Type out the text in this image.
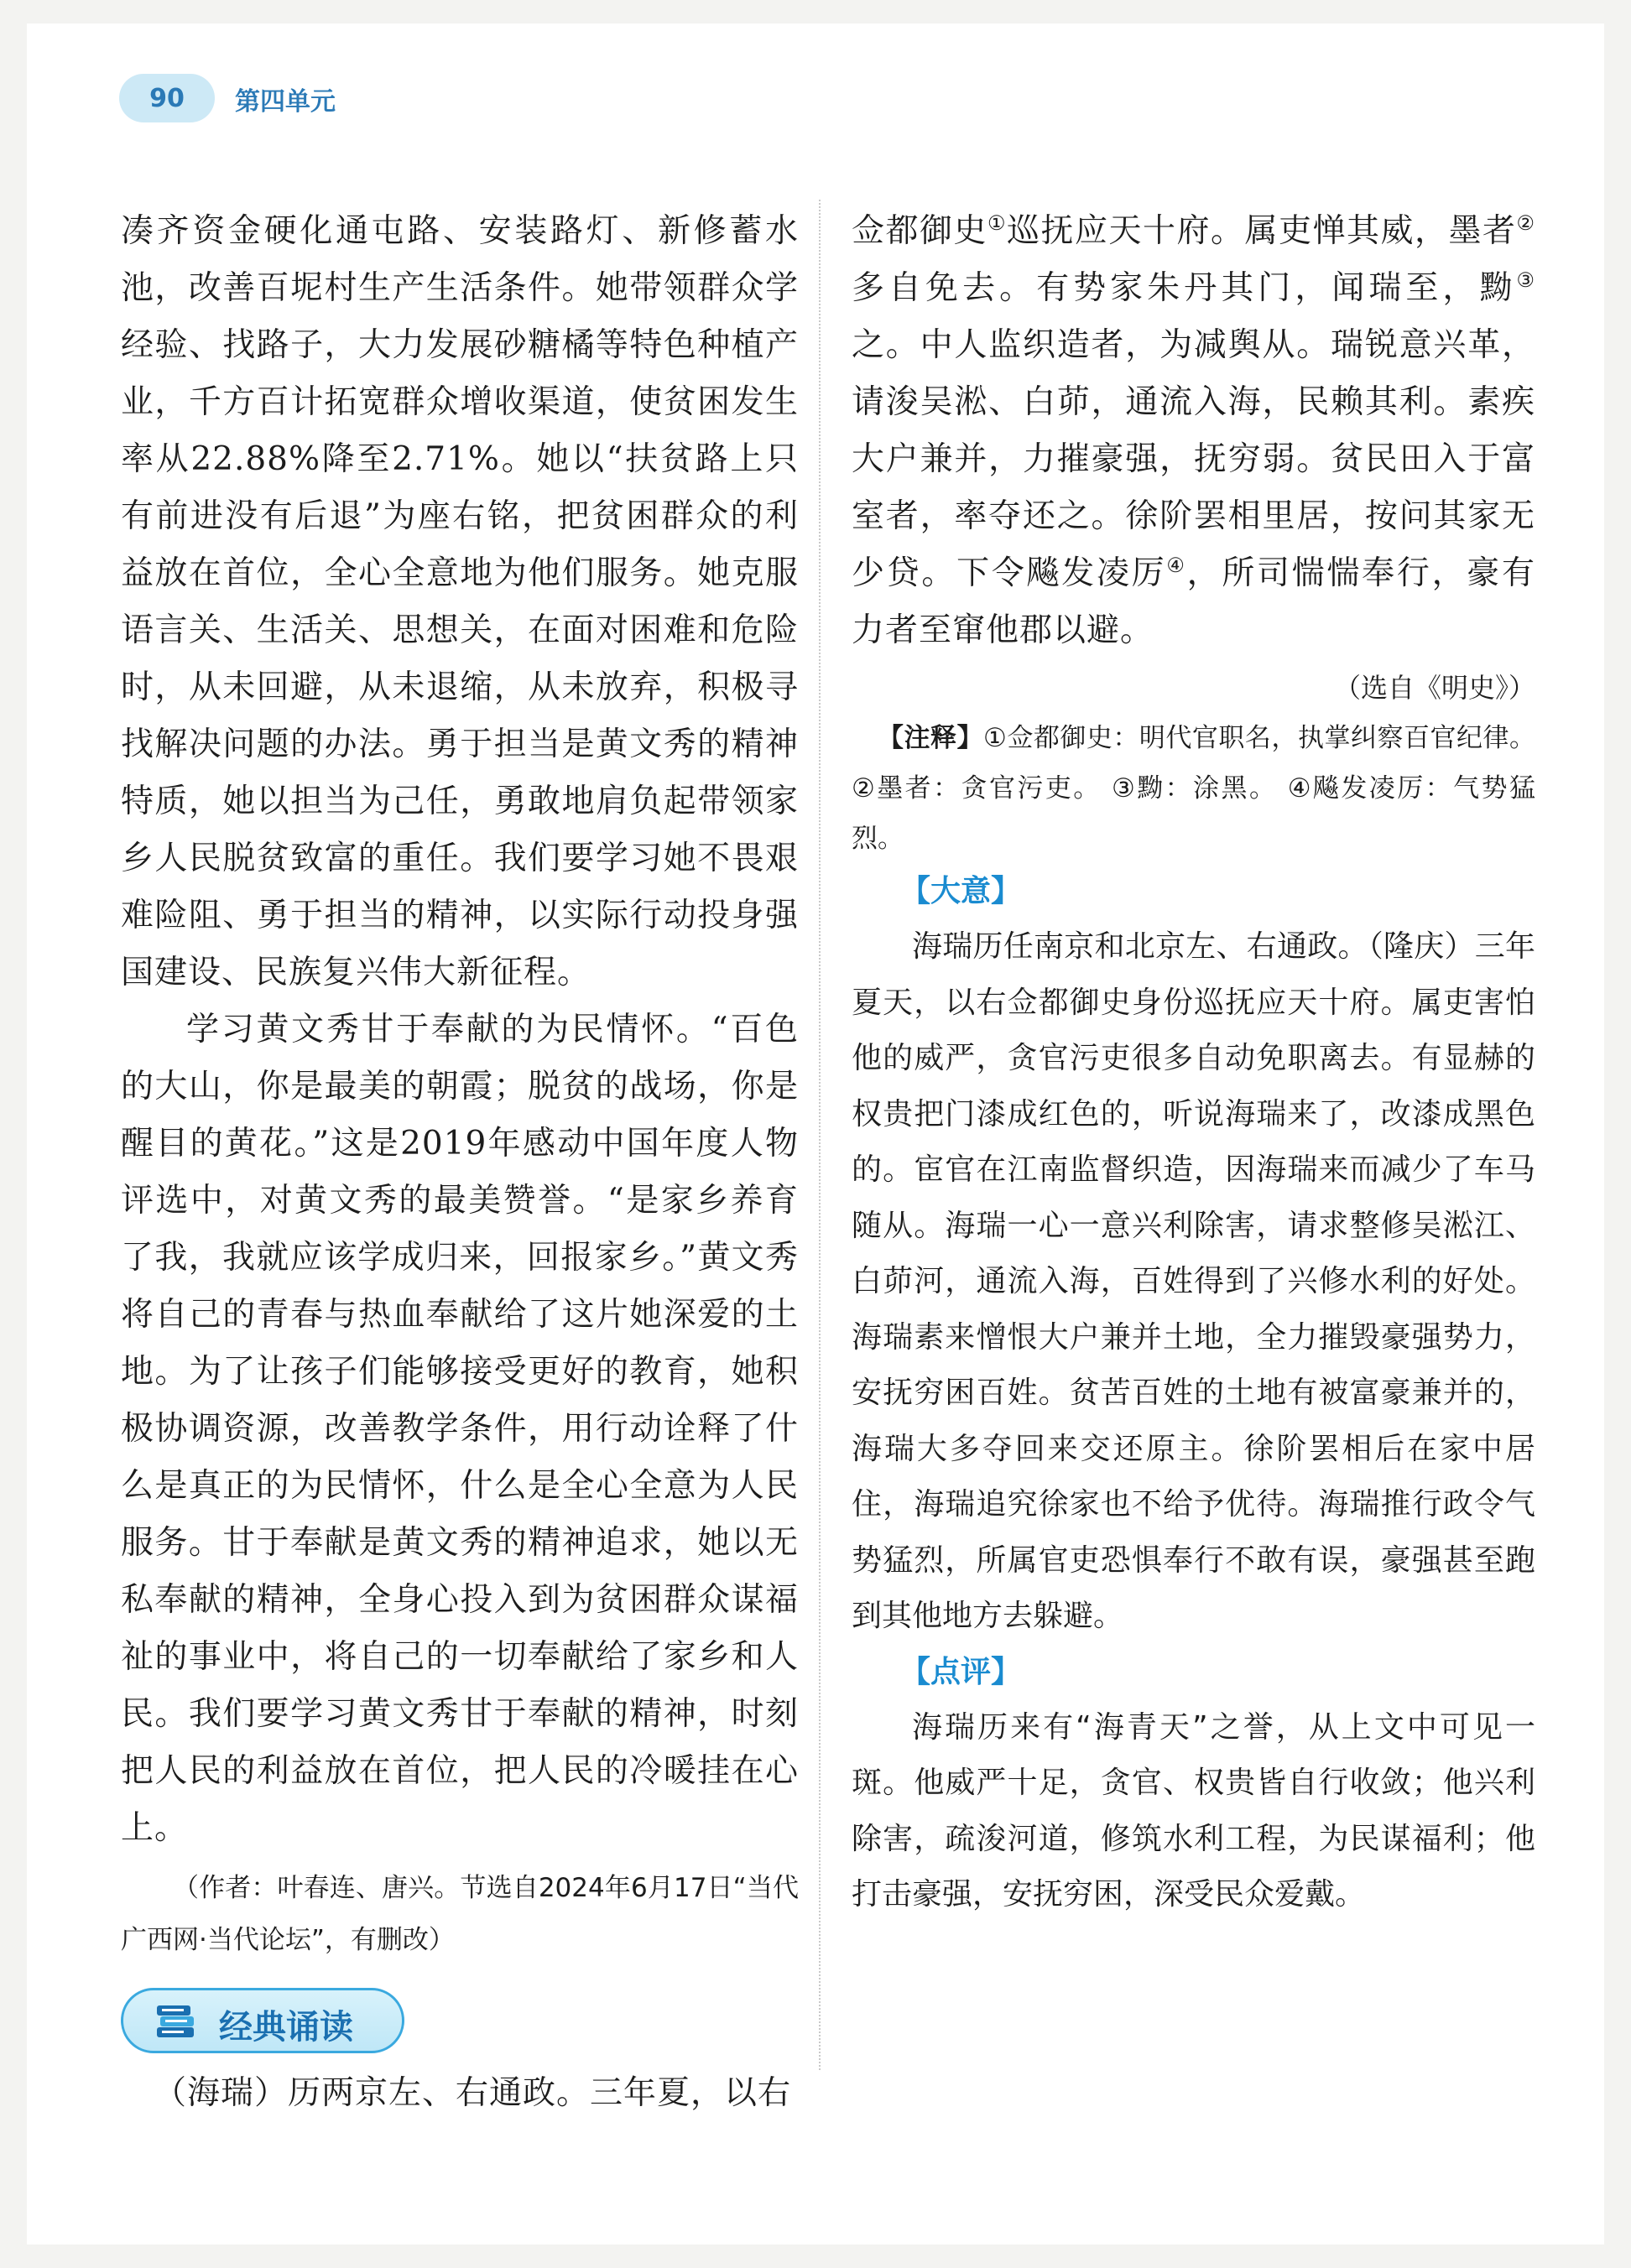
90	第四单元

凑齐资金硬化通屯路、安装路灯、新修蓄水池，改善百坭村生产生活条件。她带领群众学经验、找路子，大力发展砂糖橘等特色种植产业，千方百计拓宽群众增收渠道，使贫困发生率从22.88%降至2.71%。她以“扶贫路上只有前进没有后退”为座右铭，把贫困群众的利益放在首位，全心全意地为他们服务。她克服语言关、生活关、思想关，在面对困难和危险时，从未回避，从未退缩，从未放弃，积极寻找解决问题的办法。勇于担当是黄文秀的精神特质，她以担当为己任，勇敢地肩负起带领家乡人民脱贫致富的重任。我们要学习她不畏艰难险阻、勇于担当的精神，以实际行动投身强国建设、民族复兴伟大新征程。

学习黄文秀甘于奉献的为民情怀。“百色的大山，你是最美的朝霞；脱贫的战场，你是醒目的黄花。”这是2019年感动中国年度人物评选中，对黄文秀的最美赞誉。“是家乡养育了我，我就应该学成归来，回报家乡。”黄文秀将自己的青春与热血奉献给了这片她深爱的土地。为了让孩子们能够接受更好的教育，她积极协调资源，改善教学条件，用行动诠释了什么是真正的为民情怀，什么是全心全意为人民服务。甘于奉献是黄文秀的精神追求，她以无私奉献的精神，全身心投入到为贫困群众谋福祉的事业中，将自己的一切奉献给了家乡和人民。我们要学习黄文秀甘于奉献的精神，时刻把人民的利益放在首位，把人民的冷暖挂在心上。

（作者：叶春连、唐兴。节选自2024年6月17日“当代广西网·当代论坛”，有删改）

经典诵读

（海瑞）历两京左、右通政。三年夏，以右

佥都御史①巡抚应天十府。属吏惮其威，墨者②多自免去。有势家朱丹其门，闻瑞至，黝③之。中人监织造者，为减舆从。瑞锐意兴革，请浚吴淞、白茆，通流入海，民赖其利。素疾大户兼并，力摧豪强，抚穷弱。贫民田入于富室者，率夺还之。徐阶罢相里居，按问其家无少贷。下令飚发凌厉④，所司惴惴奉行，豪有力者至窜他郡以避。

（选自《明史》）

【注释】①佥都御史：明代官职名，执掌纠察百官纪律。 ②墨者：贪官污吏。 ③黝：涂黑。 ④飚发凌厉：气势猛烈。

【大意】

海瑞历任南京和北京左、右通政。（隆庆）三年夏天，以右佥都御史身份巡抚应天十府。属吏害怕他的威严，贪官污吏很多自动免职离去。有显赫的权贵把门漆成红色的，听说海瑞来了，改漆成黑色的。宦官在江南监督织造，因海瑞来而减少了车马随从。海瑞一心一意兴利除害，请求整修吴淞江、白茆河，通流入海，百姓得到了兴修水利的好处。海瑞素来憎恨大户兼并土地，全力摧毁豪强势力，安抚穷困百姓。贫苦百姓的土地有被富豪兼并的，海瑞大多夺回来交还原主。徐阶罢相后在家中居住，海瑞追究徐家也不给予优待。海瑞推行政令气势猛烈，所属官吏恐惧奉行不敢有误，豪强甚至跑到其他地方去躲避。

【点评】

海瑞历来有“海青天”之誉，从上文中可见一斑。他威严十足，贪官、权贵皆自行收敛；他兴利除害，疏浚河道，修筑水利工程，为民谋福利；他打击豪强，安抚穷困，深受民众爱戴。
